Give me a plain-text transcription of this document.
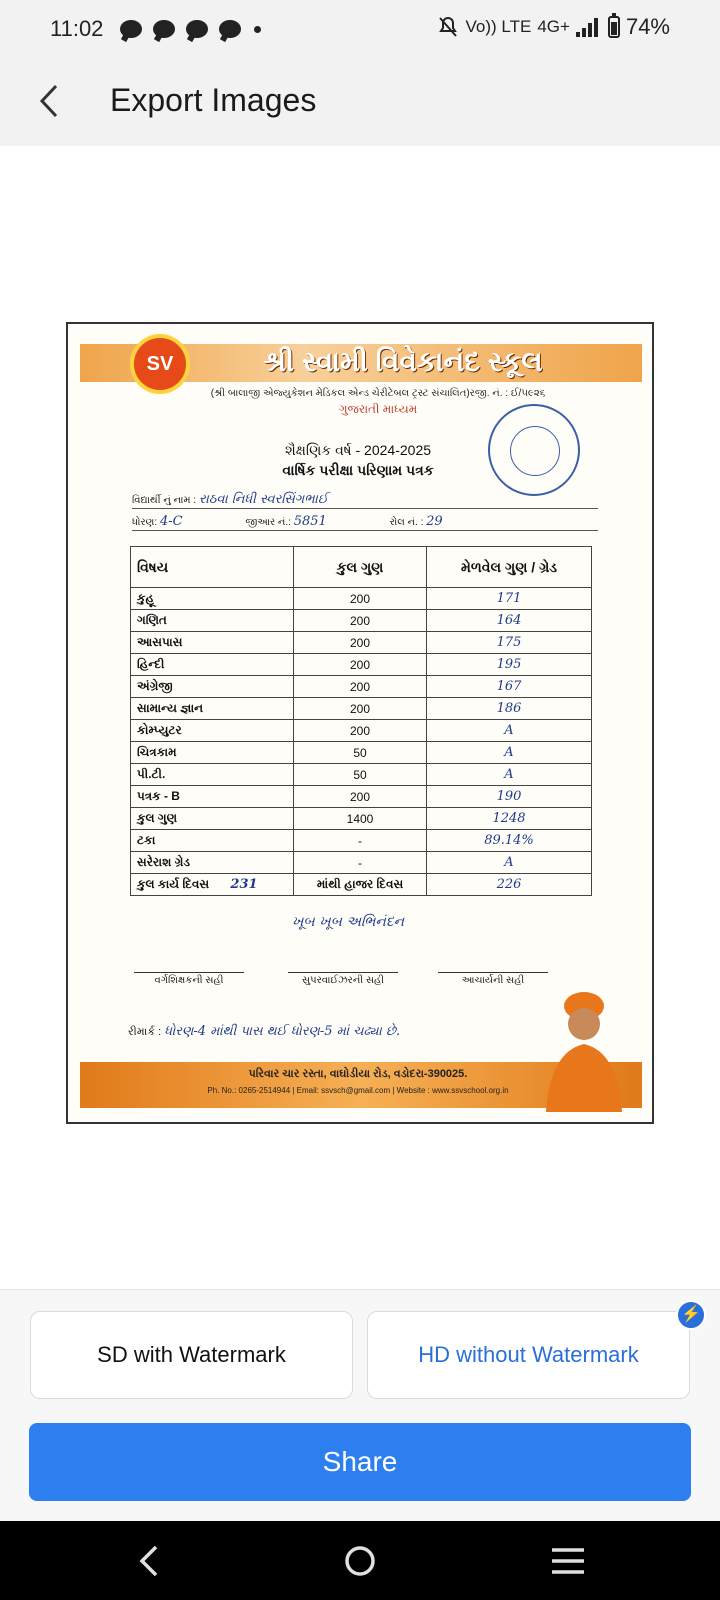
11:02	Vo)) LTE 4G+	74%
Export Images
SV	શ્રી સ્વામી વિવેકાનંદ સ્કૂલ
(શ્રી બાલાજી એજ્યુકેશન મેડિકલ એન્ડ ચેરીટેબલ ટ્રસ્ટ સંચાલિત)રજી. નં. : ઈ/૫૯૨૬
ગુજરાતી માધ્યમ
શૈક્ષણિક વર્ષ - 2024-2025
વાર્ષિક પરીક્ષા પરિણામ પત્રક
વિદ્યાર્થી નું નામ : રાઠવા નિધી સ્વરસિંગભાઈ
ધોરણ: 4-C	જીઆર નં.: 5851	રોલ નં. : 29
વિષય	કુલ ગુણ	મેળવેલ ગુણ / ગ્રેડ
કુહૂ	200	171
ગણિત	200	164
આસપાસ	200	175
હિન્દી	200	195
અંગ્રેજી	200	167
સામાન્ય જ્ઞાન	200	186
કોમ્પ્યુટર	200	A
ચિત્રકામ	50	A
પી.ટી.	50	A
પત્રક - B	200	190
કુલ ગુણ	1400	1248
ટકા	-	89.14%
સરેરાશ ગ્રેડ	-	A
કુલ કાર્ય દિવસ 231	માંથી હાજર દિવસ	226
ખૂબ ખૂબ અભિનંદન
વર્ગશિક્ષકની સહી	સુપરવાઈઝરની સહી	આચાર્યની સહી
રીમાર્ક : ધોરણ-4 માંથી પાસ થઈ ધોરણ-5 માં ચઢ્યા છે.
પરિવાર ચાર રસ્તા, વાઘોડીયા રોડ, વડોદરા-390025.
Ph. No.: 0265-2514944 | Email: ssvsch@gmail.com | Website : www.ssvschool.org.in
SD with Watermark	HD without Watermark
⚡
Share
